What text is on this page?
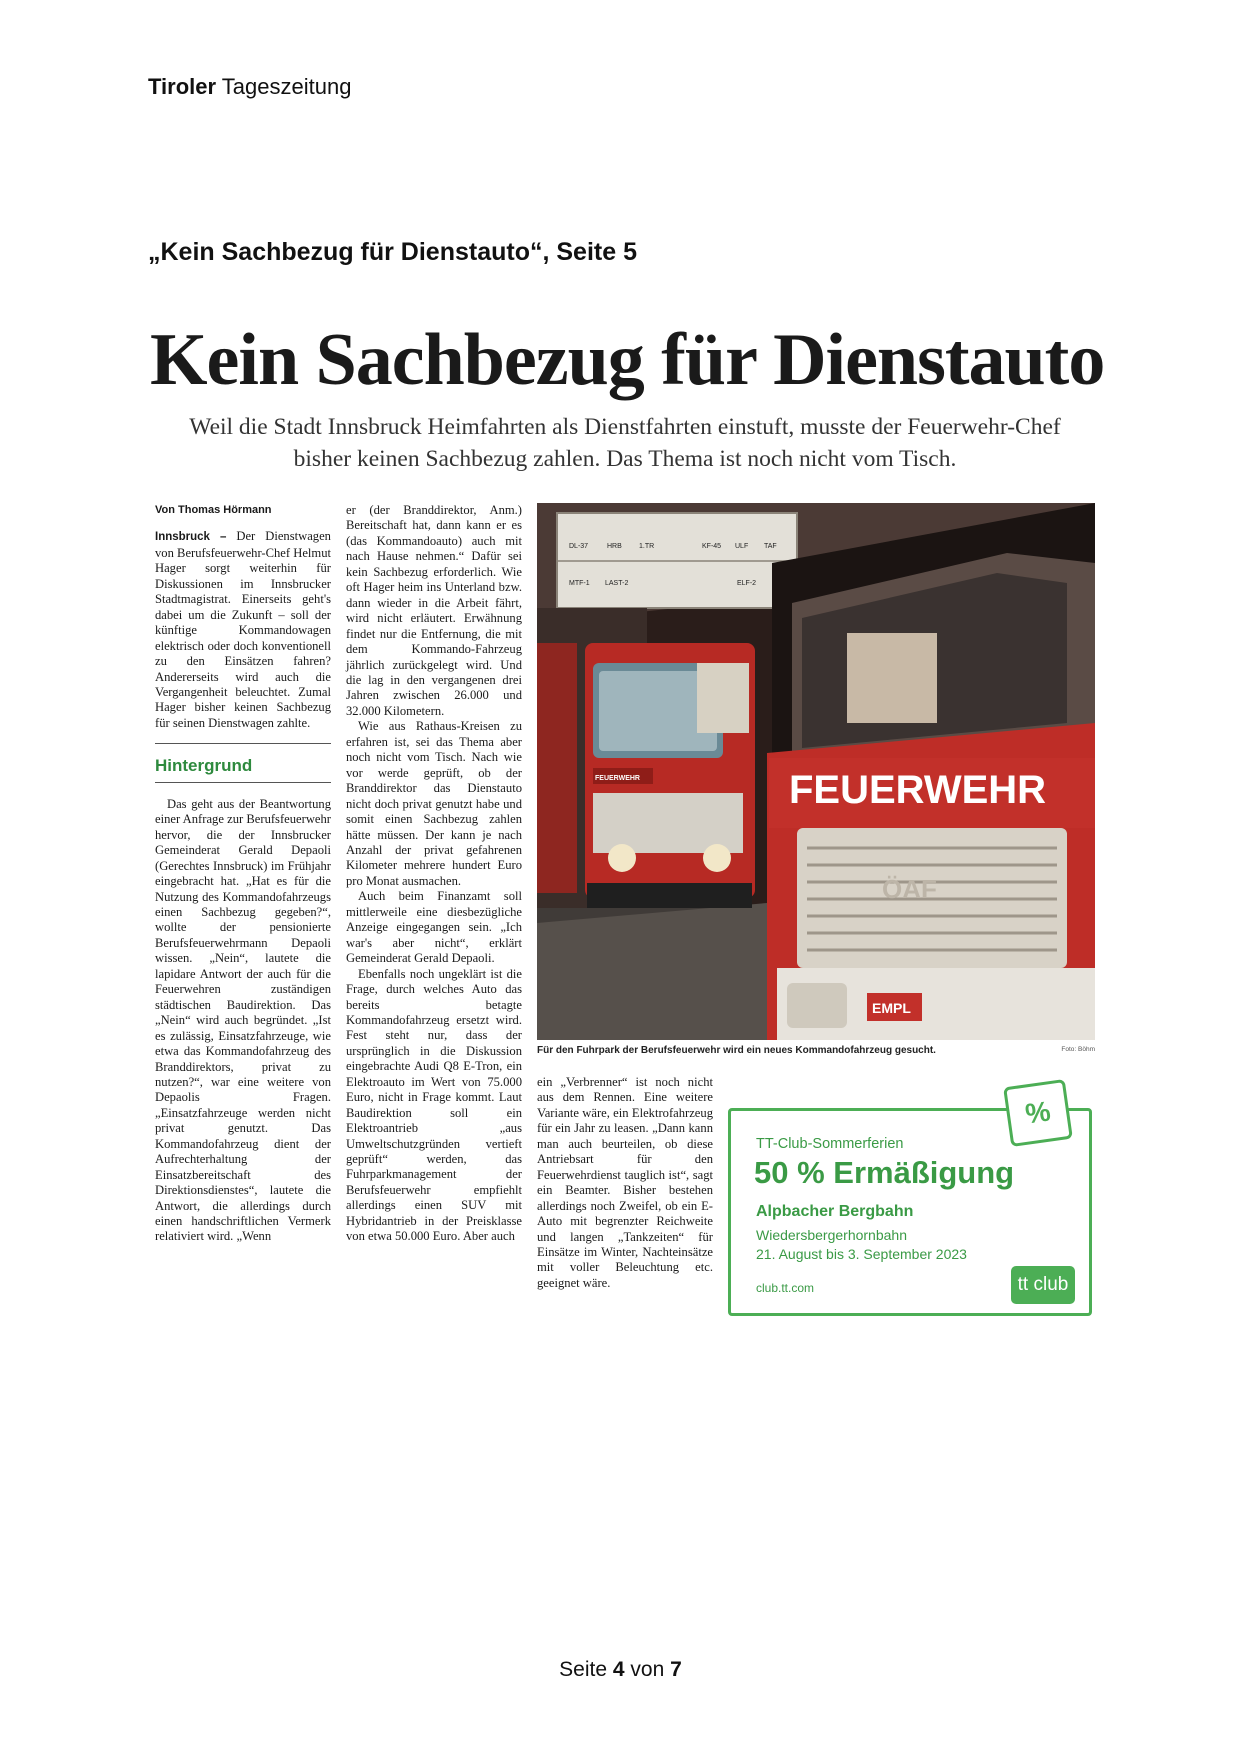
Tiroler Tageszeitung
„Kein Sachbezug für Dienstauto“, Seite 5
Kein Sachbezug für Dienstauto
Weil die Stadt Innsbruck Heimfahrten als Dienstfahrten einstuft, musste der Feuerwehr-Chef bisher keinen Sachbezug zahlen. Das Thema ist noch nicht vom Tisch.

Von Thomas Hörmann

Innsbruck – Der Dienstwagen von Berufsfeuerwehr-Chef Helmut Hager sorgt weiterhin für Diskussionen im Innsbrucker Stadtmagistrat. Einerseits geht's dabei um die Zukunft – soll der künftige Kommandowagen elektrisch oder doch konventionell zu den Einsätzen fahren? Andererseits wird auch die Vergangenheit beleuchtet. Zumal Hager bisher keinen Sachbezug für seinen Dienstwagen zahlte.

Hintergrund

Das geht aus der Beantwortung einer Anfrage zur Berufsfeuerwehr hervor, die der Innsbrucker Gemeinderat Gerald Depaoli (Gerechtes Innsbruck) im Frühjahr eingebracht hat. „Hat es für die Nutzung des Kommandofahrzeugs einen Sachbezug gegeben?“, wollte der pensionierte Berufsfeuerwehrmann Depaoli wissen. „Nein“, lautete die lapidare Antwort der auch für die Feuerwehren zuständigen städtischen Baudirektion. Das „Nein“ wird auch begründet. „Ist es zulässig, Einsatzfahrzeuge, wie etwa das Kommandofahrzeug des Branddirektors, privat zu nutzen?“, war eine weitere von Depaolis Fragen. „Einsatzfahrzeuge werden nicht privat genutzt. Das Kommandofahrzeug dient der Aufrechterhaltung der Einsatzbereitschaft des Direktionsdienstes“, lautete die Antwort, die allerdings durch einen handschriftlichen Vermerk relativiert wird. „Wenn

er (der Branddirektor, Anm.) Bereitschaft hat, dann kann er es (das Kommandoauto) auch mit nach Hause nehmen.“ Dafür sei kein Sachbezug erforderlich. Wie oft Hager heim ins Unterland bzw. dann wieder in die Arbeit fährt, wird nicht erläutert. Erwähnung findet nur die Entfernung, die mit dem Kommando-Fahrzeug jährlich zurückgelegt wird. Und die lag in den vergangenen drei Jahren zwischen 26.000 und 32.000 Kilometern.

Wie aus Rathaus-Kreisen zu erfahren ist, sei das Thema aber noch nicht vom Tisch. Nach wie vor werde geprüft, ob der Branddirektor das Dienstauto nicht doch privat genutzt habe und somit einen Sachbezug zahlen hätte müssen. Der kann je nach Anzahl der privat gefahrenen Kilometer mehrere hundert Euro pro Monat ausmachen.

Auch beim Finanzamt soll mittlerweile eine diesbezügliche Anzeige eingegangen sein. „Ich war's aber nicht“, erklärt Gemeinderat Gerald Depaoli.

Ebenfalls noch ungeklärt ist die Frage, durch welches Auto das bereits betagte Kommandofahrzeug ersetzt wird. Fest steht nur, dass der ursprünglich in die Diskussion eingebrachte Audi Q8 E-Tron, ein Elektroauto im Wert von 75.000 Euro, nicht in Frage kommt. Laut Baudirektion soll ein Elektroantrieb „aus Umweltschutzgründen vertieft geprüft“ werden, das Fuhrparkmanagement der Berufsfeuerwehr empfiehlt allerdings einen SUV mit Hybridantrieb in der Preisklasse von etwa 50.000 Euro. Aber auch

ein „Verbrenner“ ist noch nicht aus dem Rennen. Eine weitere Variante wäre, ein Elektrofahrzeug für ein Jahr zu leasen. „Dann kann man auch beurteilen, ob diese Antriebsart für den Feuerwehrdienst tauglich ist“, sagt ein Beamter. Bisher bestehen allerdings noch Zweifel, ob ein E-Auto mit begrenzter Reichweite und langen „Tankzeiten“ für Einsätze im Winter, Nachteinsätze mit voller Beleuchtung etc. geeignet wäre.

DL-37	HRB 1.TR	KF-45 ULF TAF
MTF-1 LAST-2	ELF-2
FEUERWEHR	FEUERWEHR
ÖAF
EMPL
Für den Fuhrpark der Berufsfeuerwehr wird ein neues Kommandofahrzeug gesucht.	Foto: Böhm
%
TT-Club-Sommerferien
50 % Ermäßigung
Alpbacher Bergbahn
Wiedersbergerhornbahn
21. August bis 3. September 2023
club.tt.com	tt club
Seite 4 von 7
